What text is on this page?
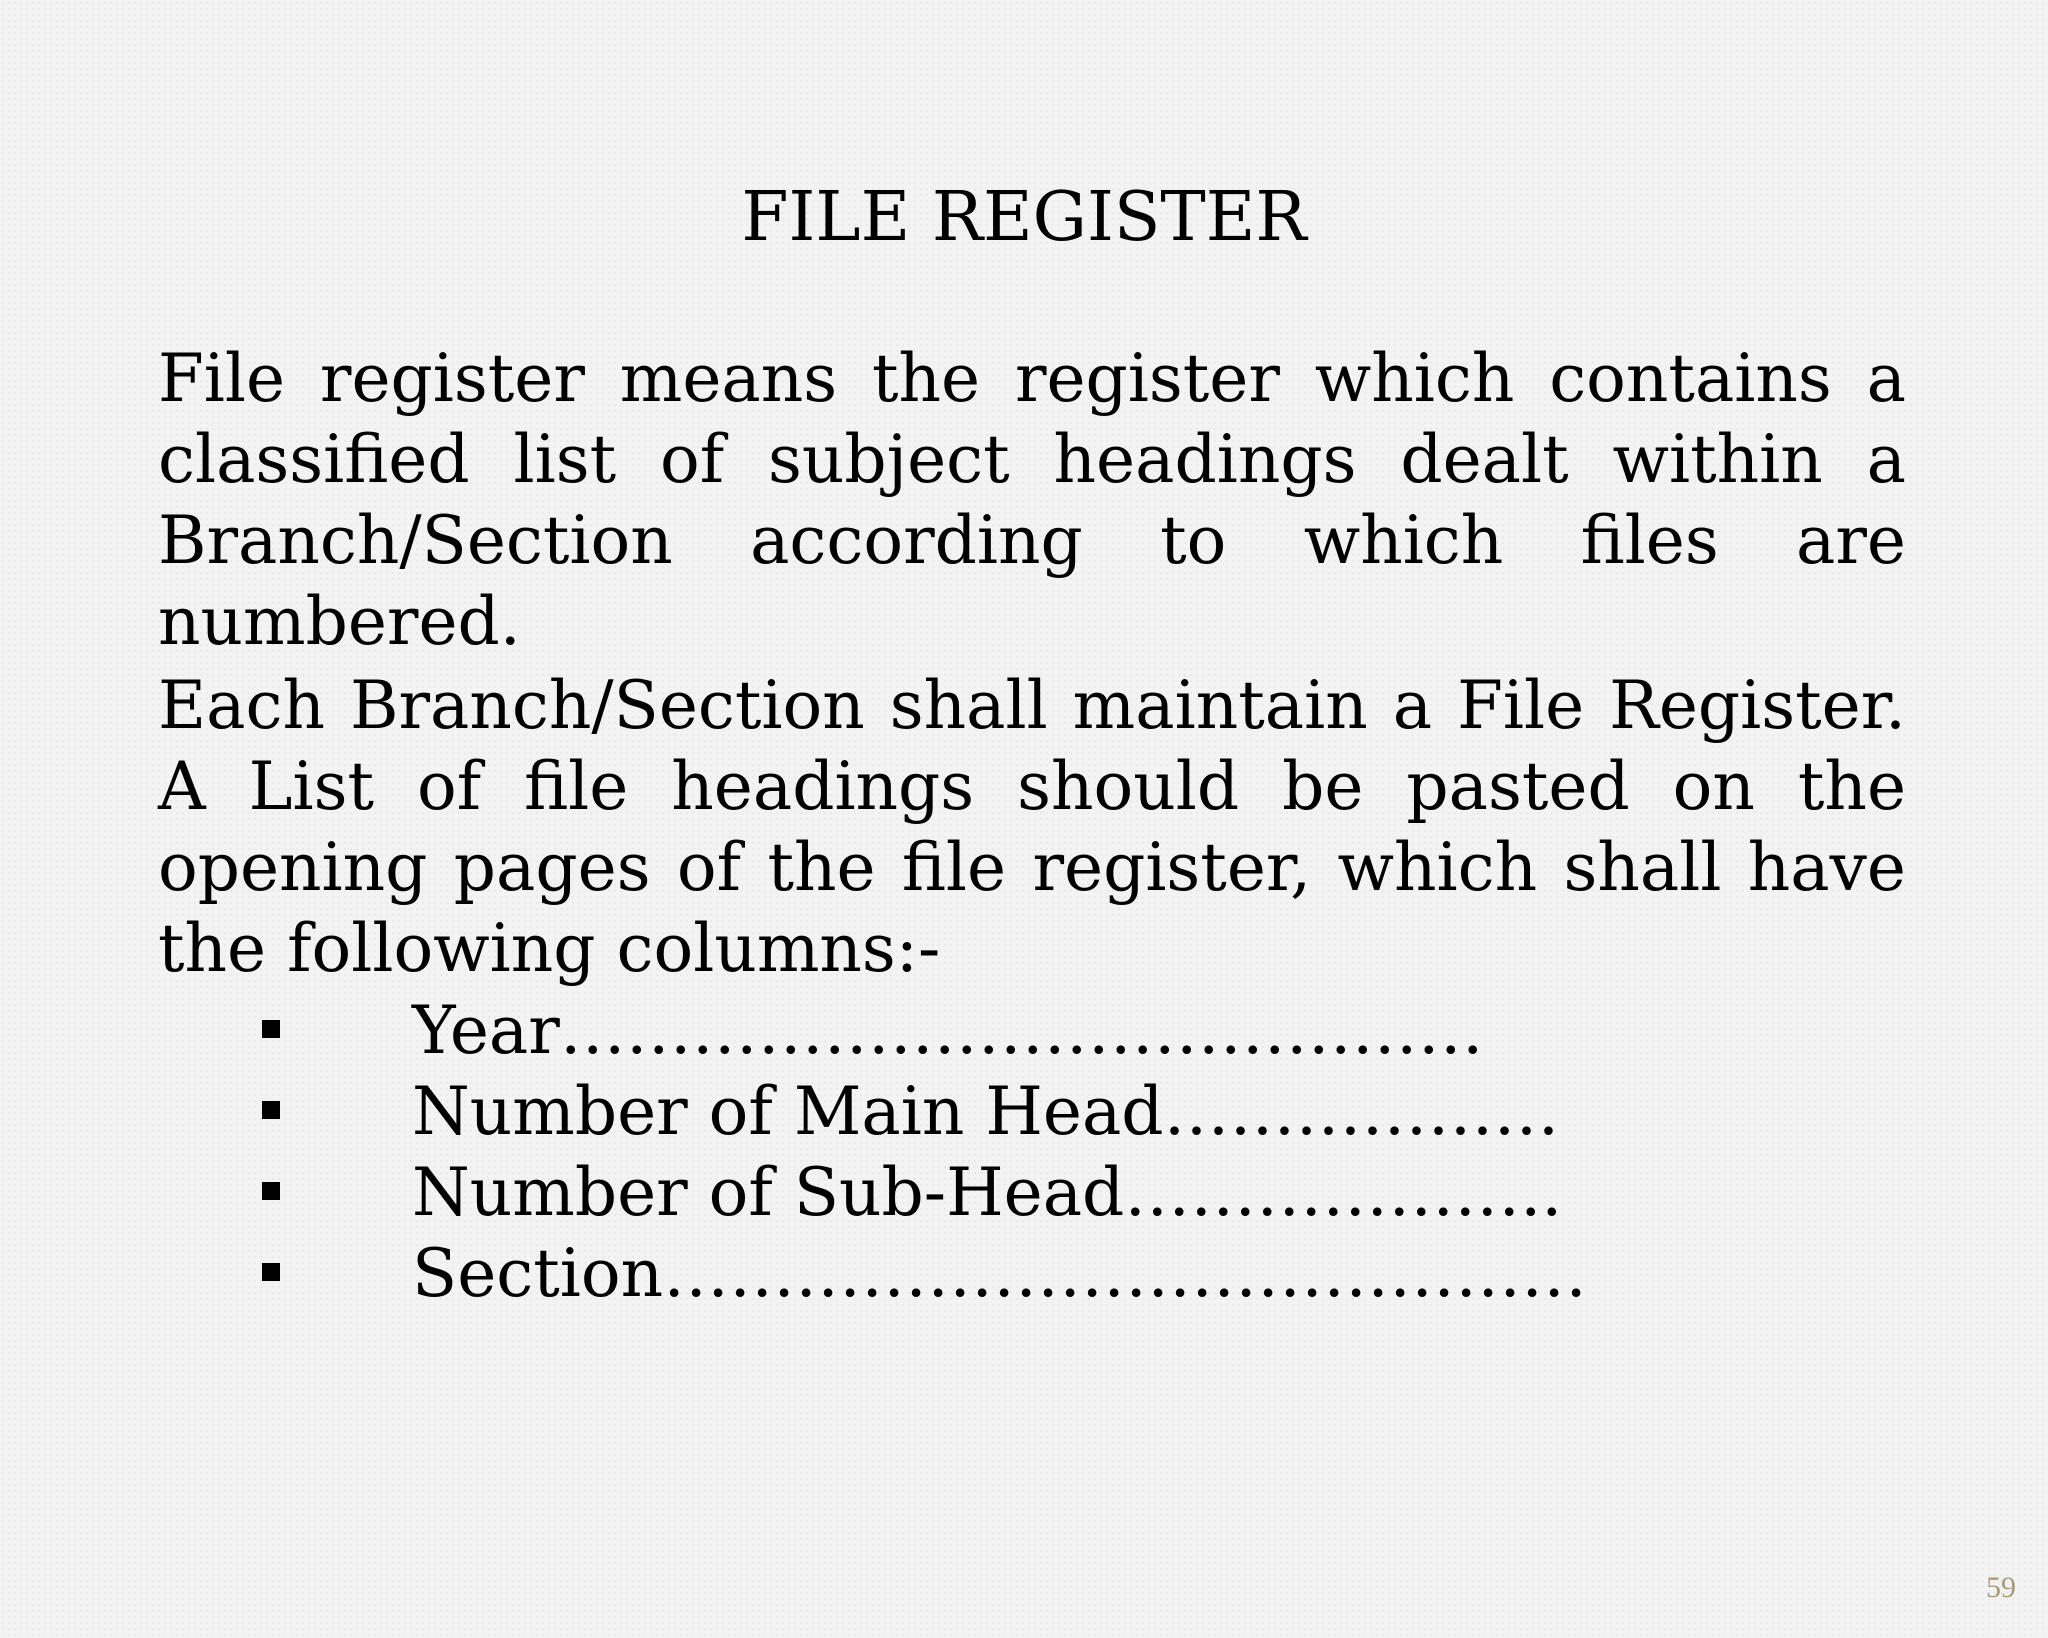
FILE REGISTER

File register means the register which contains a classified list of subject headings dealt within a Branch/Section according to which files are numbered.

Each Branch/Section shall maintain a File Register. A List of file headings should be pasted on the opening pages of the file register, which shall have the following columns:-

Year……………………………………
Number of Main Head………………
Number of Sub-Head………………..
Section……………………………………
59
